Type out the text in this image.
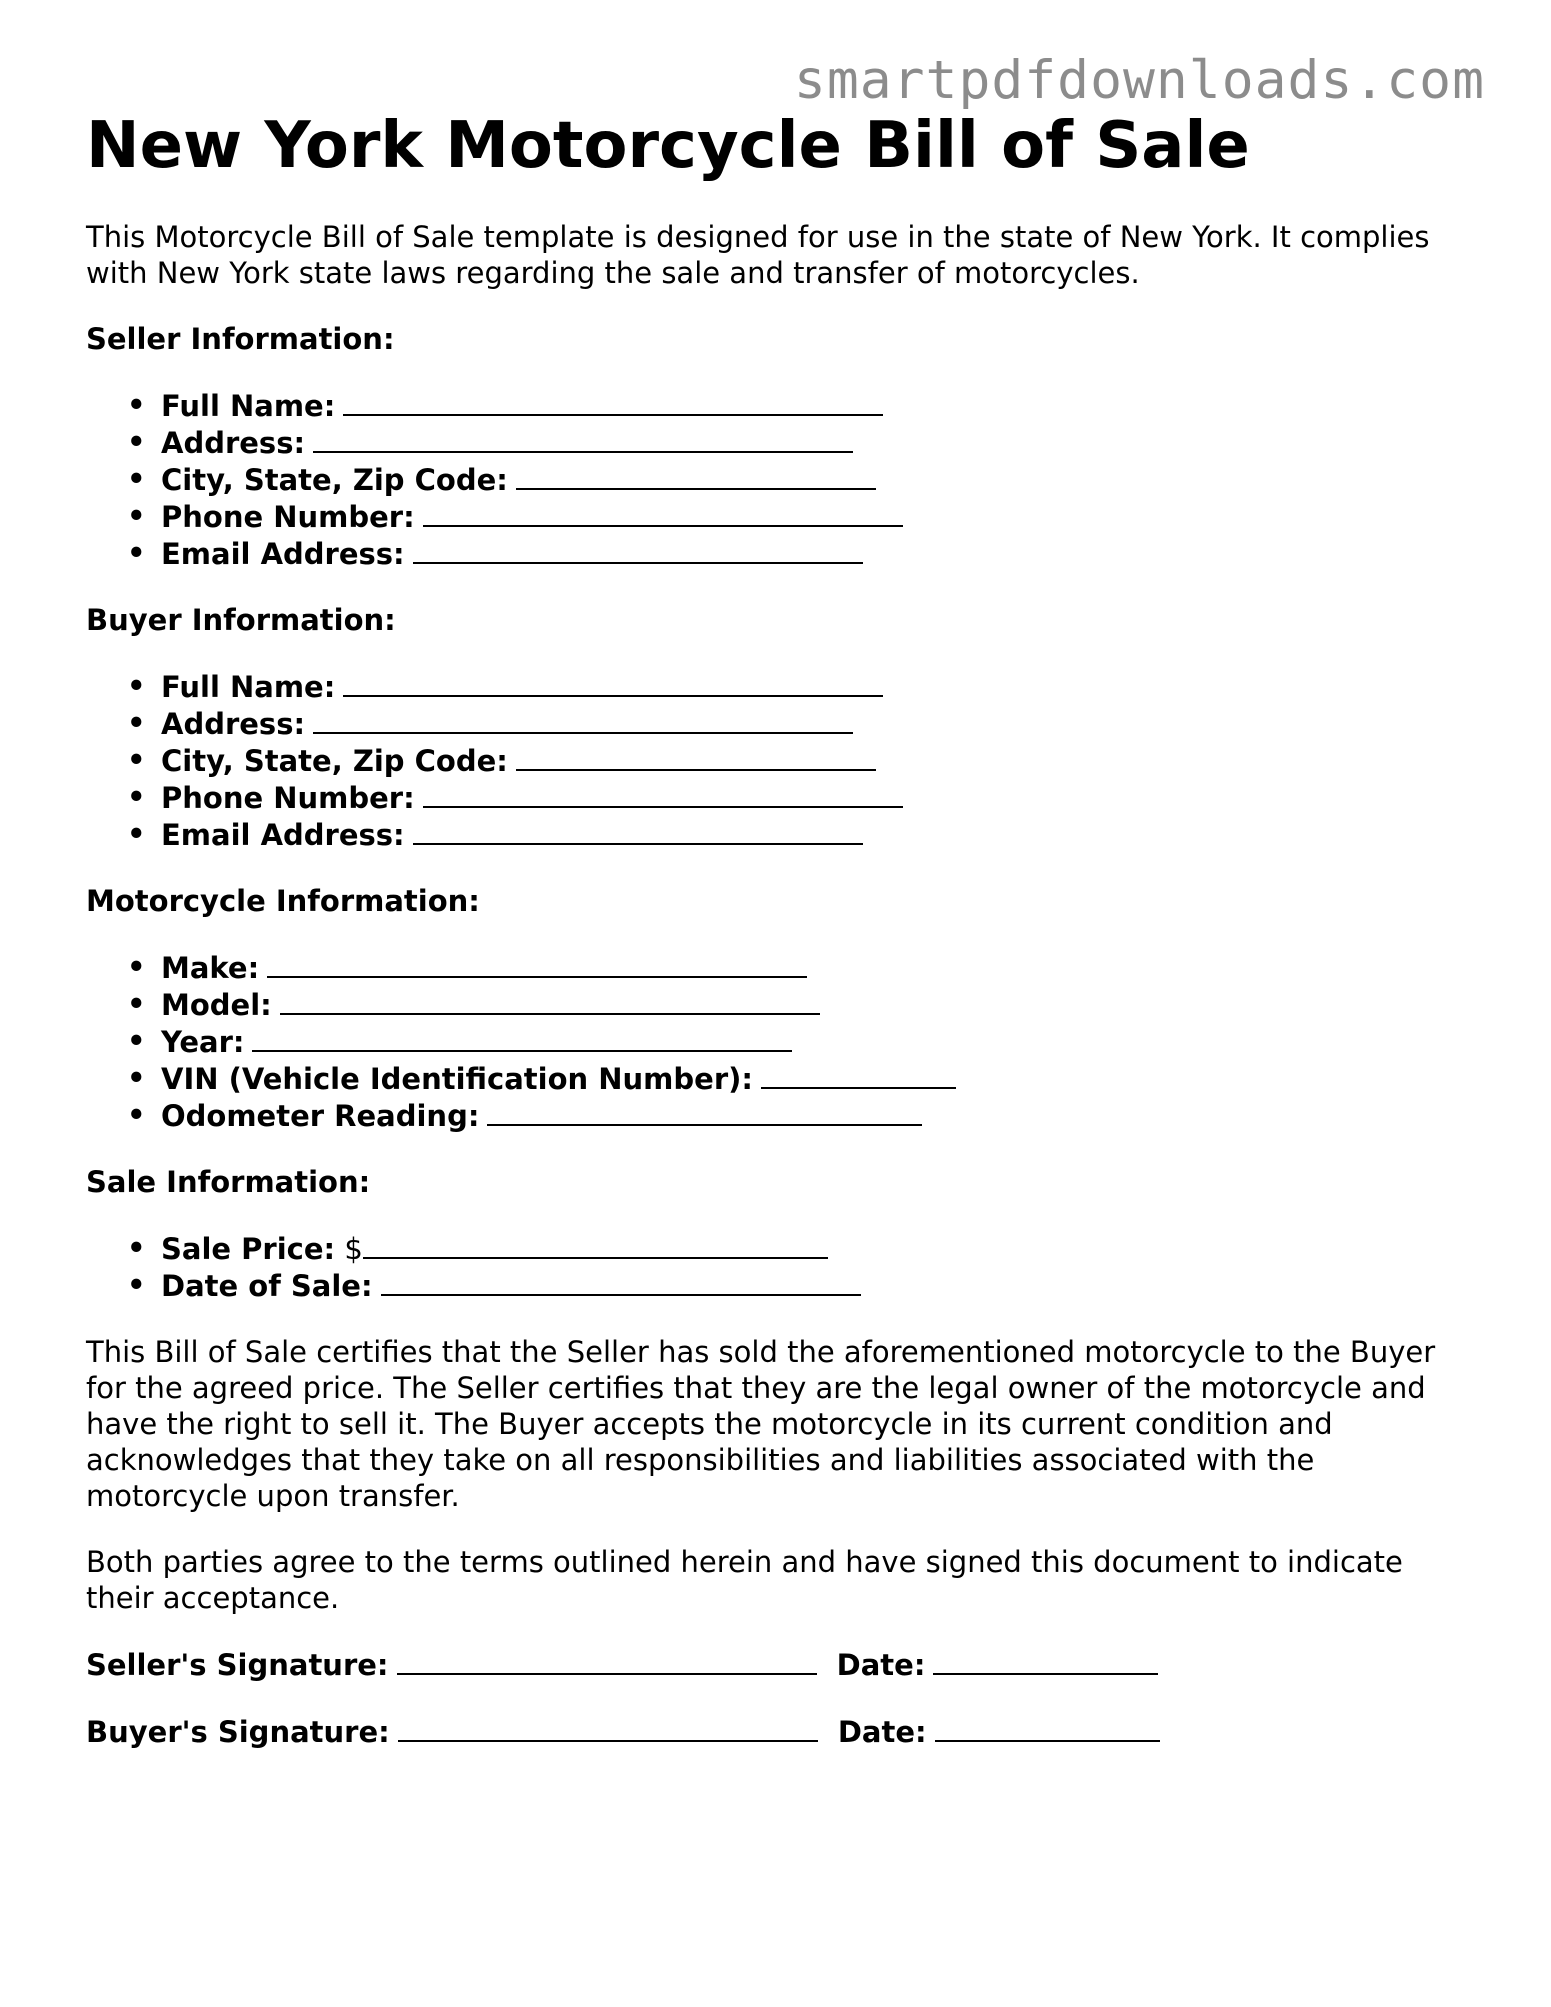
smartpdfdownloads.com
New York Motorcycle Bill of Sale

This Motorcycle Bill of Sale template is designed for use in the state of New York. It complies with New York state laws regarding the sale and transfer of motorcycles.

Seller Information:
• Full Name:
• Address:
• City, State, Zip Code:
• Phone Number:
• Email Address:
Buyer Information:
• Full Name:
• Address:
• City, State, Zip Code:
• Phone Number:
• Email Address:
Motorcycle Information:
• Make:
• Model:
• Year:
• VIN (Vehicle Identification Number):
• Odometer Reading:
Sale Information:
• Sale Price: $
• Date of Sale:

This Bill of Sale certifies that the Seller has sold the aforementioned motorcycle to the Buyer for the agreed price. The Seller certifies that they are the legal owner of the motorcycle and have the right to sell it. The Buyer accepts the motorcycle in its current condition and acknowledges that they take on all responsibilities and liabilities associated with the motorcycle upon transfer.

Both parties agree to the terms outlined herein and have signed this document to indicate their acceptance.

Seller's Signature:	Date:
Buyer's Signature:	Date:
